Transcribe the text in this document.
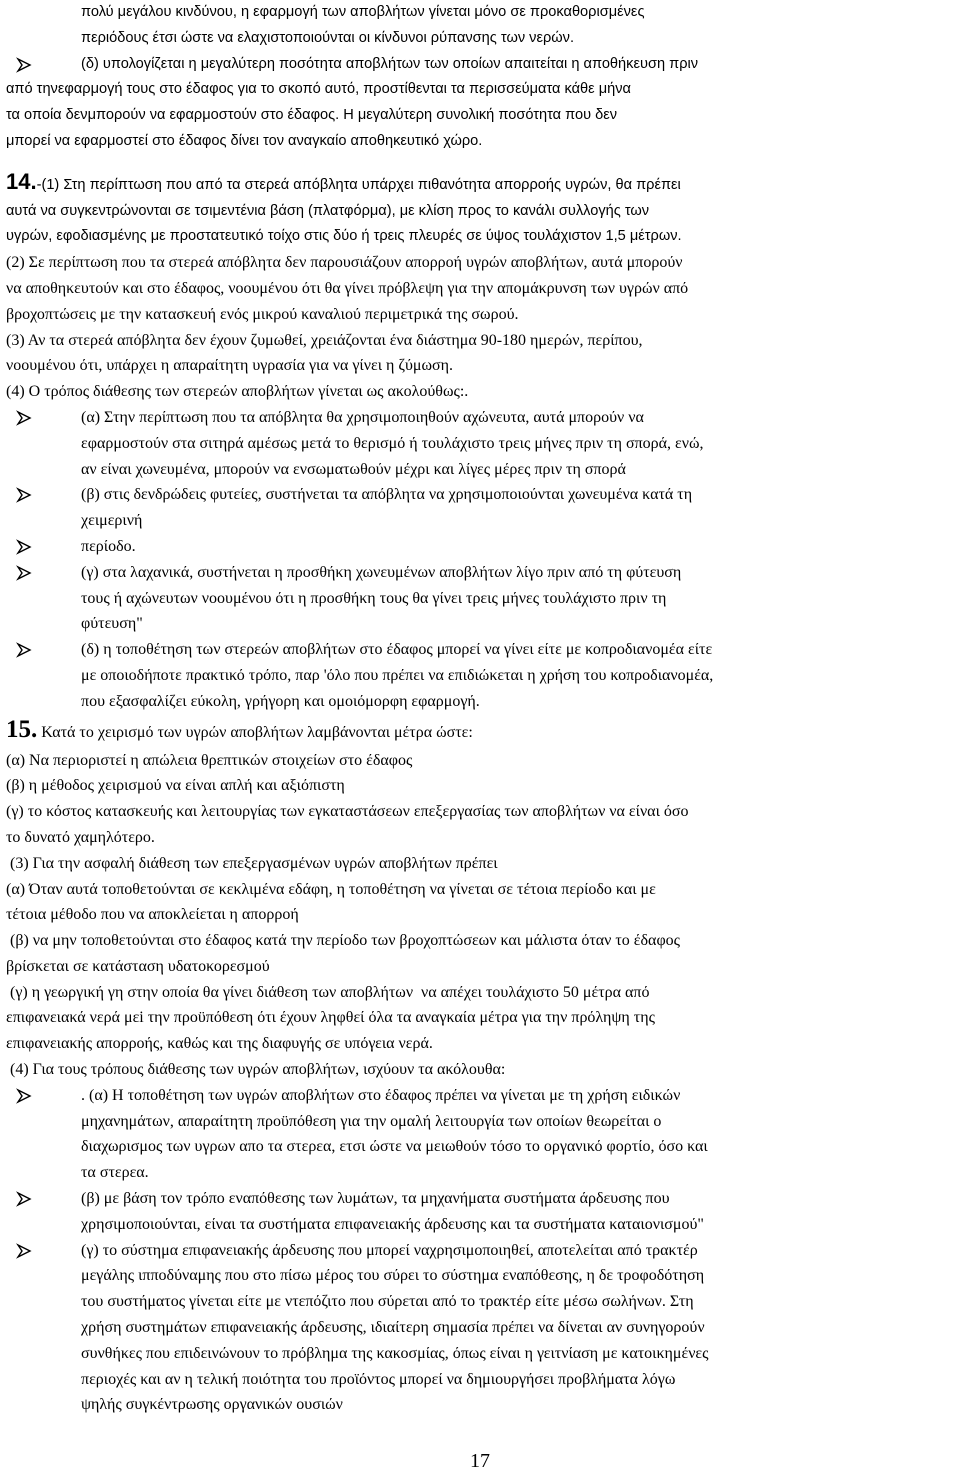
πολύ μεγάλου κινδύνου, η εφαρμογή των αποβλήτων γίνεται μόνο σε προκαθορισμένες
περιόδους έτσι ώστε να ελαχιστοποιούνται οι κίνδυνοι ρύπανσης των νερών.
(δ) υπολογίζεται η μεγαλύτερη ποσότητα αποβλήτων των οποίων απαιτείται η αποθήκευση πριν
από τηνεφαρμογή τους στο έδαφος για το σκοπό αυτό, προστίθενται τα περισσεύματα κάθε μήνα
τα οποία δενμπορούν να εφαρμοστούν στο έδαφος. Η μεγαλύτερη συνολική ποσότητα που δεν
μπορεί να εφαρμοστεί στο έδαφος δίνει τον αναγκαίο αποθηκευτικό χώρο.
14.-(1) Στη περίπτωση που από τα στερεά απόβλητα υπάρχει πιθανότητα απορροής υγρών, θα πρέπει
αυτά να συγκεντρώνονται σε τσιμεντένια βάση (πλατφόρμα), με κλίση προς το κανάλι συλλογής των
υγρών, εφοδιασμένης με προστατευτικό τοίχο στις δύο ή τρεις πλευρές σε ύψος τουλάχιστον 1,5 μέτρων.
(2) Σε περίπτωση που τα στερεά απόβλητα δεν παρουσιάζουν απορροή υγρών αποβλήτων, αυτά μπορούν
να αποθηκευτούν και στο έδαφος, νοουμένου ότι θα γίνει πρόβλεψη για την απομάκρυνση των υγρών από
βροχοπτώσεις με την κατασκευή ενός μικρού καναλιού περιμετρικά της σωρού.
(3) Αν τα στερεά απόβλητα δεν έχουν ζυμωθεί, χρειάζονται ένα διάστημα 90-180 ημερών, περίπου,
νοουμένου ότι, υπάρχει η απαραίτητη υγρασία για να γίνει η ζύμωση.
(4) Ο τρόπος διάθεσης των στερεών αποβλήτων γίνεται ως ακολούθως:.
(α) Στην περίπτωση που τα απόβλητα θα χρησιμοποιηθούν αχώνευτα, αυτά μπορούν να
εφαρμοστούν στα σιτηρά αμέσως μετά το θερισμό ή τουλάχιστο τρεις μήνες πριν τη σπορά, ενώ,
αν είναι χωνευμένα, μπορούν να ενσωματωθούν μέχρι και λίγες μέρες πριν τη σπορά
(β) στις δενδρώδεις φυτείες, συστήνεται τα απόβλητα να χρησιμοποιούνται χωνευμένα κατά τη
χειμερινή
περίοδο.
(γ) στα λαχανικά, συστήνεται η προσθήκη χωνευμένων αποβλήτων λίγο πριν από τη φύτευση
τους ή αχώνευτων νοουμένου ότι η προσθήκη τους θα γίνει τρεις μήνες τουλάχιστο πριν τη
φύτευση"
(δ) η τοποθέτηση των στερεών αποβλήτων στο έδαφος μπορεί να γίνει είτε με κοπροδιανομέα είτε
με οποιοδήποτε πρακτικό τρόπο, παρ 'όλο που πρέπει να επιδιώκεται η χρήση του κοπροδιανομέα,
που εξασφαλίζει εύκολη, γρήγορη και ομοιόμορφη εφαρμογή.
15. Κατά το χειρισμό των υγρών αποβλήτων λαμβάνονται μέτρα ώστε:
(α) Να περιοριστεί η απώλεια θρεπτικών στοιχείων στο έδαφος
(β) η μέθοδος χειρισμού να είναι απλή και αξιόπιστη
(γ) το κόστος κατασκευής και λειτουργίας των εγκαταστάσεων επεξεργασίας των αποβλήτων να είναι όσο
το δυνατό χαμηλότερο.
(3) Για την ασφαλή διάθεση των επεξεργασμένων υγρών αποβλήτων πρέπει
(α) Όταν αυτά τοποθετούνται σε κεκλιμένα εδάφη, η τοποθέτηση να γίνεται σε τέτοια περίοδο και με
τέτοια μέθοδο που να αποκλείεται η απορροή
(β) να μην τοποθετούνται στο έδαφος κατά την περίοδο των βροχοπτώσεων και μάλιστα όταν το έδαφος
βρίσκεται σε κατάσταση υδατοκορεσμού
(γ) η γεωργική γη στην οποία θα γίνει διάθεση των αποβλήτων  να απέχει τουλάχιστο 50 μέτρα από
επιφανειακά νερά μεi την προϋπόθεση ότι έχουν ληφθεί όλα τα αναγκαία μέτρα για την πρόληψη της
επιφανειακής απορροής, καθώς και της διαφυγής σε υπόγεια νερά.
(4) Για τους τρόπους διάθεσης των υγρών αποβλήτων, ισχύουν τα ακόλουθα:
. (α) Η τοποθέτηση των υγρών αποβλήτων στο έδαφος πρέπει να γίνεται με τη χρήση ειδικών
μηχανημάτων, απαραίτητη προϋπόθεση για την ομαλή λειτουργία των οποίων θεωρείται ο
διαχωρισμος των υγρων απο τα στερεα, ετσι ώστε να μειωθούν τόσο το οργανικό φορτίο, όσο και
τα στερεα.
(β) με βάση τον τρόπο εναπόθεσης των λυμάτων, τα μηχανήματα συστήματα άρδευσης που
χρησιμοποιούνται, είναι τα συστήματα επιφανειακής άρδευσης και τα συστήματα καταιονισμού"
(γ) το σύστημα επιφανειακής άρδευσης που μπορεί ναχρησιμοποιηθεί, αποτελείται από τρακτέρ
μεγάλης ιπποδύναμης που στο πίσω μέρος του σύρει το σύστημα εναπόθεσης, η δε τροφοδότηση
του συστήματος γίνεται είτε με ντεπόζιτο που σύρεται από το τρακτέρ είτε μέσω σωλήνων. Στη
χρήση συστημάτων επιφανειακής άρδευσης, ιδιαίτερη σημασία πρέπει να δίνεται αν συνηγορούν
συνθήκες που επιδεινώνουν το πρόβλημα της κακοσμίας, όπως είναι η γειτνίαση με κατοικημένες
περιοχές και αν η τελική ποιότητα του προϊόντος μπορεί να δημιουργήσει προβλήματα λόγω
ψηλής συγκέντρωσης οργανικών ουσιών
17
